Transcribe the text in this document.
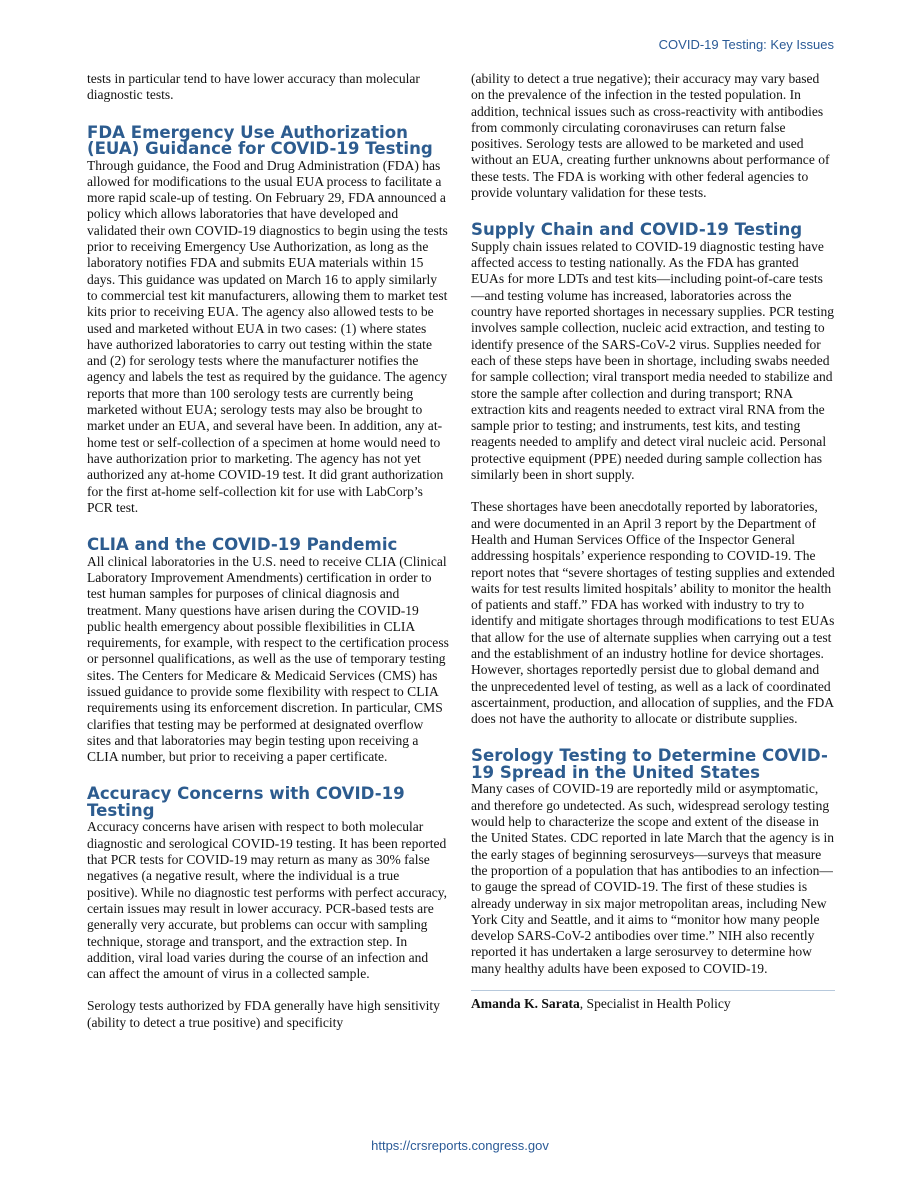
COVID-19 Testing: Key Issues

tests in particular tend to have lower accuracy than molecular diagnostic tests.

FDA Emergency Use Authorization (EUA) Guidance for COVID-19 Testing

Through guidance, the Food and Drug Administration (FDA) has allowed for modifications to the usual EUA process to facilitate a more rapid scale-up of testing. On February 29, FDA announced a policy which allows laboratories that have developed and validated their own COVID-19 diagnostics to begin using the tests prior to receiving Emergency Use Authorization, as long as the laboratory notifies FDA and submits EUA materials within 15 days. This guidance was updated on March 16 to apply similarly to commercial test kit manufacturers, allowing them to market test kits prior to receiving EUA. The agency also allowed tests to be used and marketed without EUA in two cases: (1) where states have authorized laboratories to carry out testing within the state and (2) for serology tests where the manufacturer notifies the agency and labels the test as required by the guidance. The agency reports that more than 100 serology tests are currently being marketed without EUA; serology tests may also be brought to market under an EUA, and several have been. In addition, any at-home test or self-collection of a specimen at home would need to have authorization prior to marketing. The agency has not yet authorized any at-home COVID-19 test. It did grant authorization for the first at-home self-collection kit for use with LabCorp’s PCR test.

CLIA and the COVID-19 Pandemic

All clinical laboratories in the U.S. need to receive CLIA (Clinical Laboratory Improvement Amendments) certification in order to test human samples for purposes of clinical diagnosis and treatment. Many questions have arisen during the COVID-19 public health emergency about possible flexibilities in CLIA requirements, for example, with respect to the certification process or personnel qualifications, as well as the use of temporary testing sites. The Centers for Medicare & Medicaid Services (CMS) has issued guidance to provide some flexibility with respect to CLIA requirements using its enforcement discretion. In particular, CMS clarifies that testing may be performed at designated overflow sites and that laboratories may begin testing upon receiving a CLIA number, but prior to receiving a paper certificate.

Accuracy Concerns with COVID-19 Testing

Accuracy concerns have arisen with respect to both molecular diagnostic and serological COVID-19 testing. It has been reported that PCR tests for COVID-19 may return as many as 30% false negatives (a negative result, where the individual is a true positive). While no diagnostic test performs with perfect accuracy, certain issues may result in lower accuracy. PCR-based tests are generally very accurate, but problems can occur with sampling technique, storage and transport, and the extraction step. In addition, viral load varies during the course of an infection and can affect the amount of virus in a collected sample.

Serology tests authorized by FDA generally have high sensitivity (ability to detect a true positive) and specificity

(ability to detect a true negative); their accuracy may vary based on the prevalence of the infection in the tested population. In addition, technical issues such as cross-reactivity with antibodies from commonly circulating coronaviruses can return false positives. Serology tests are allowed to be marketed and used without an EUA, creating further unknowns about performance of these tests. The FDA is working with other federal agencies to provide voluntary validation for these tests.

Supply Chain and COVID-19 Testing

Supply chain issues related to COVID-19 diagnostic testing have affected access to testing nationally. As the FDA has granted EUAs for more LDTs and test kits—including point-of-care tests—and testing volume has increased, laboratories across the country have reported shortages in necessary supplies. PCR testing involves sample collection, nucleic acid extraction, and testing to identify presence of the SARS-CoV-2 virus. Supplies needed for each of these steps have been in shortage, including swabs needed for sample collection; viral transport media needed to stabilize and store the sample after collection and during transport; RNA extraction kits and reagents needed to extract viral RNA from the sample prior to testing; and instruments, test kits, and testing reagents needed to amplify and detect viral nucleic acid. Personal protective equipment (PPE) needed during sample collection has similarly been in short supply.

These shortages have been anecdotally reported by laboratories, and were documented in an April 3 report by the Department of Health and Human Services Office of the Inspector General addressing hospitals’ experience responding to COVID-19. The report notes that “severe shortages of testing supplies and extended waits for test results limited hospitals’ ability to monitor the health of patients and staff.” FDA has worked with industry to try to identify and mitigate shortages through modifications to test EUAs that allow for the use of alternate supplies when carrying out a test and the establishment of an industry hotline for device shortages. However, shortages reportedly persist due to global demand and the unprecedented level of testing, as well as a lack of coordinated ascertainment, production, and allocation of supplies, and the FDA does not have the authority to allocate or distribute supplies.

Serology Testing to Determine COVID-19 Spread in the United States

Many cases of COVID-19 are reportedly mild or asymptomatic, and therefore go undetected. As such, widespread serology testing would help to characterize the scope and extent of the disease in the United States. CDC reported in late March that the agency is in the early stages of beginning serosurveys—surveys that measure the proportion of a population that has antibodies to an infection—to gauge the spread of COVID-19. The first of these studies is already underway in six major metropolitan areas, including New York City and Seattle, and it aims to “monitor how many people develop SARS-CoV-2 antibodies over time.” NIH also recently reported it has undertaken a large serosurvey to determine how many healthy adults have been exposed to COVID-19.

Amanda K. Sarata, Specialist in Health Policy

https://crsreports.congress.gov
